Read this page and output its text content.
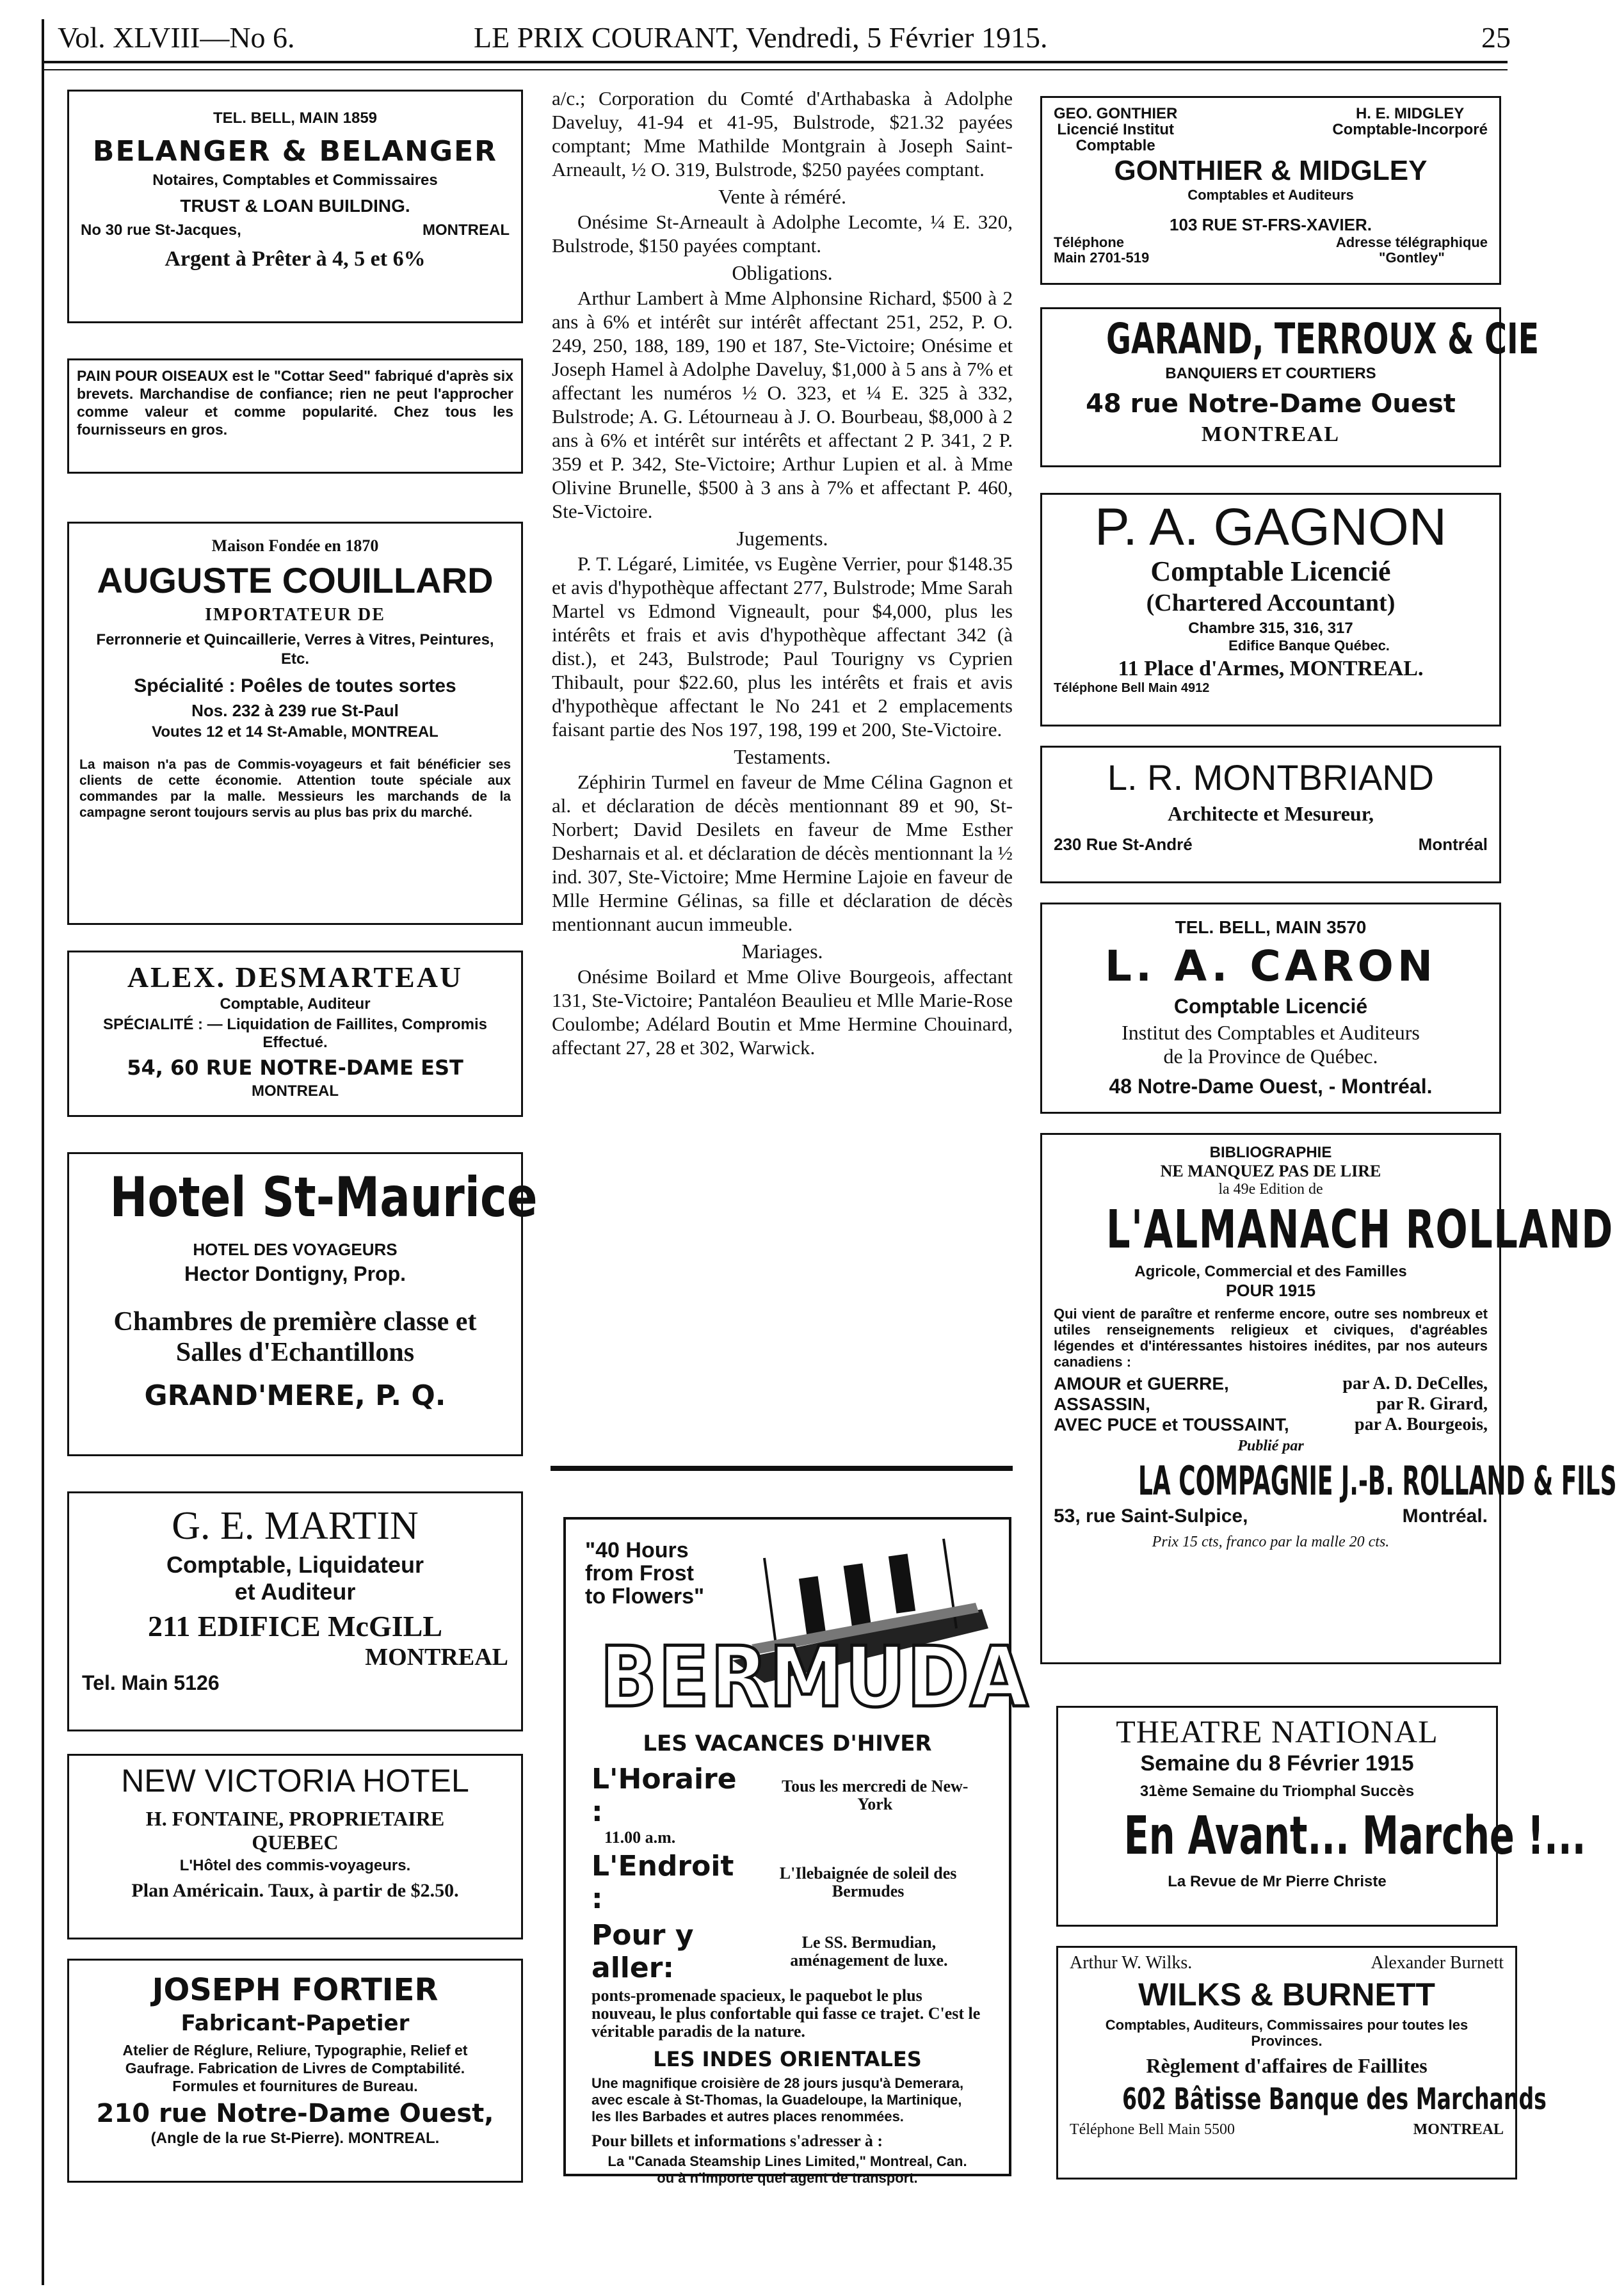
Vol. XLVIII—No 6.	LE PRIX COURANT, Vendredi, 5 Février 1915.	25
TEL. BELL, MAIN 1859
BELANGER & BELANGER
Notaires, Comptables et Commissaires
TRUST & LOAN BUILDING.
No 30 rue St-Jacques,	MONTREAL
Argent à Prêter à 4, 5 et 6%
PAIN POUR OISEAUX est le "Cottar Seed" fabriqué d'après six brevets. Marchandise de confiance; rien ne peut l'approcher comme valeur et comme popularité. Chez tous les fournisseurs en gros.
Maison Fondée en 1870
AUGUSTE COUILLARD
IMPORTATEUR DE
Ferronnerie et Quincaillerie, Verres à Vitres, Peintures, Etc.
Spécialité : Poêles de toutes sortes
Nos. 232 à 239 rue St-Paul
Voutes 12 et 14 St-Amable, MONTREAL
La maison n'a pas de Commis-voyageurs et fait bénéficier ses clients de cette économie. Attention toute spéciale aux commandes par la malle. Messieurs les marchands de la campagne seront toujours servis au plus bas prix du marché.
ALEX. DESMARTEAU
Comptable, Auditeur
SPÉCIALITÉ : — Liquidation de Faillites, Compromis Effectué.
54, 60 RUE NOTRE-DAME EST
MONTREAL
Hotel St-Maurice
HOTEL DES VOYAGEURS
Hector Dontigny, Prop.
Chambres de première classe et
Salles d'Echantillons
GRAND'MERE, P. Q.
G. E. MARTIN
Comptable, Liquidateur
et Auditeur
211 EDIFICE McGILL
MONTREAL
Tel. Main 5126
NEW VICTORIA HOTEL
H. FONTAINE, PROPRIETAIRE
QUEBEC
L'Hôtel des commis-voyageurs.
Plan Américain. Taux, à partir de $2.50.
JOSEPH FORTIER
Fabricant-Papetier
Atelier de Réglure, Reliure, Typographie, Relief et Gaufrage. Fabrication de Livres de Comptabilité. Formules et fournitures de Bureau.
210 rue Notre-Dame Ouest,
(Angle de la rue St-Pierre). MONTREAL.

a/c.; Corporation du Comté d'Arthabaska à Adolphe Daveluy, 41-94 et 41-95, Bulstrode, $21.32 payées comptant; Mme Mathilde Montgrain à Joseph Saint-Arneault, ½ O. 319, Bulstrode, $250 payées comptant.

Vente à réméré.

Onésime St-Arneault à Adolphe Lecomte, ¼ E. 320, Bulstrode, $150 payées comptant.

Obligations.

Arthur Lambert à Mme Alphonsine Richard, $500 à 2 ans à 6% et intérêt sur intérêt affectant 251, 252, P. O. 249, 250, 188, 189, 190 et 187, Ste-Victoire; Onésime et Joseph Hamel à Adolphe Daveluy, $1,000 à 5 ans à 7% et affectant les numéros ½ O. 323, et ¼ E. 325 à 332, Bulstrode; A. G. Létourneau à J. O. Bourbeau, $8,000 à 2 ans à 6% et intérêt sur intérêts et affectant 2 P. 341, 2 P. 359 et P. 342, Ste-Victoire; Arthur Lupien et al. à Mme Olivine Brunelle, $500 à 3 ans à 7% et affectant P. 460, Ste-Victoire.

Jugements.

P. T. Légaré, Limitée, vs Eugène Verrier, pour $148.35 et avis d'hypothèque affectant 277, Bulstrode; Mme Sarah Martel vs Edmond Vigneault, pour $4,000, plus les intérêts et frais et avis d'hypothèque affectant 342 (à dist.), et 243, Bulstrode; Paul Tourigny vs Cyprien Thibault, pour $22.60, plus les intérêts et frais et avis d'hypothèque affectant le No 241 et 2 emplacements faisant partie des Nos 197, 198, 199 et 200, Ste-Victoire.

Testaments.

Zéphirin Turmel en faveur de Mme Célina Gagnon et al. et déclaration de décès mentionnant 89 et 90, St-Norbert; David Desilets en faveur de Mme Esther Desharnais et al. et déclaration de décès mentionnant la ½ ind. 307, Ste-Victoire; Mme Hermine Lajoie en faveur de Mlle Hermine Gélinas, sa fille et déclaration de décès mentionnant aucun immeuble.

Mariages.

Onésime Boilard et Mme Olive Bourgeois, affectant 131, Ste-Victoire; Pantaléon Beaulieu et Mlle Marie-Rose Coulombe; Adélard Boutin et Mme Hermine Chouinard, affectant 27, 28 et 302, Warwick.

"40 Hours
from Frost
to Flowers"
BERMUDA
LES VACANCES D'HIVER
L'Horaire :
Tous les mercredi de New-York
11.00 a.m.
L'Endroit :
L'Ilebaignée de soleil des Bermudes
Pour y aller:
Le SS. Bermudian, aménagement de luxe.
ponts-promenade spacieux, le paquebot le plus nouveau, le plus confortable qui fasse ce trajet. C'est le véritable paradis de la nature.
LES INDES ORIENTALES
Une magnifique croisière de 28 jours jusqu'à Demerara, avec escale à St-Thomas, la Guadeloupe, la Martinique, les Iles Barbades et autres places renommées.
Pour billets et informations s'adresser à :
La "Canada Steamship Lines Limited," Montreal, Can. ou à n'importe quel agent de transport.
GEO. GONTHIER
Licencié Institut
Comptable
H. E. MIDGLEY
Comptable-Incorporé
GONTHIER & MIDGLEY
Comptables et Auditeurs
103 RUE ST-FRS-XAVIER.
Téléphone
Main 2701-519
Adresse télégraphique
"Gontley"
GARAND, TERROUX & CIE
BANQUIERS ET COURTIERS
48 rue Notre-Dame Ouest
MONTREAL
P. A. GAGNON
Comptable Licencié
(Chartered Accountant)
Chambre 315, 316, 317
Edifice Banque Québec.
11 Place d'Armes, MONTREAL.
Téléphone Bell Main 4912
L. R. MONTBRIAND
Architecte et Mesureur,
230 Rue St-André	Montréal
TEL. BELL, MAIN 3570
L. A. CARON
Comptable Licencié
Institut des Comptables et Auditeurs
de la Province de Québec.
48 Notre-Dame Ouest, - Montréal.
BIBLIOGRAPHIE
NE MANQUEZ PAS DE LIRE
la 49e Edition de
L'ALMANACH ROLLAND
Agricole, Commercial et des Familles
POUR 1915
Qui vient de paraître et renferme encore, outre ses nombreux et utiles renseignements religieux et civiques, d'agréables légendes et d'intéressantes histoires inédites, par nos auteurs canadiens :
AMOUR et GUERRE,	par A. D. DeCelles,
ASSASSIN,	par R. Girard,
AVEC PUCE et TOUSSAINT,	par A. Bourgeois,
Publié par
LA COMPAGNIE J.-B. ROLLAND & FILS
53, rue Saint-Sulpice,	Montréal.
Prix 15 cts, franco par la malle 20 cts.
THEATRE NATIONAL
Semaine du 8 Février 1915
31ème Semaine du Triomphal Succès
En Avant... Marche !...
La Revue de Mr Pierre Christe
Arthur W. Wilks.	Alexander Burnett
WILKS & BURNETT
Comptables, Auditeurs, Commissaires pour toutes les Provinces.
Règlement d'affaires de Faillites
602 Bâtisse Banque des Marchands
Téléphone Bell Main 5500	MONTREAL
